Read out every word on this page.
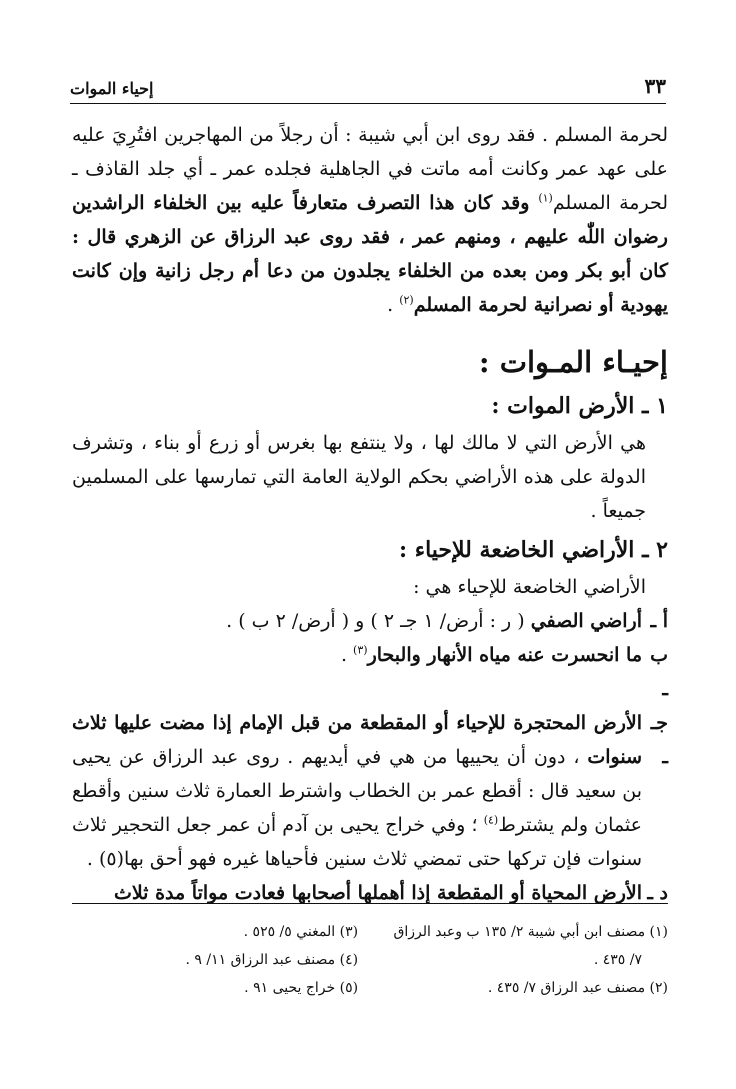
٣٣
إحياء الموات

لحرمة المسلم . فقد روى ابن أبي شيبة : أن رجلاً من المهاجرين افتُرِيَ عليه على عهد عمر وكانت أمه ماتت في الجاهلية فجلده عمر ـ أي جلد القاذف ـ لحرمة المسلم$^{(١)}$ وقد كان هذا التصرف متعارفاً عليه بين الخلفاء الراشدين رضوان اللّٰه عليهم ، ومنهم عمر ، فقد روى عبد الرزاق عن الزهري قال : كان أبو بكر ومن بعده من الخلفاء يجلدون من دعا أم رجل زانية وإن كانت يهودية أو نصرانية لحرمة المسلم$^{(٢)}$ .

إحيـاء المـوات :
١ ـ الأرض الموات :

هي الأرض التي لا مالك لها ، ولا ينتفع بها بغرس أو زرع أو بناء ، وتشرف الدولة على هذه الأراضي بحكم الولاية العامة التي تمارسها على المسلمين جميعاً .

٢ ـ الأراضي الخاضعة للإحياء :

الأراضي الخاضعة للإحياء هي :

أ ـ
أراضي الصفي ( ر : أرض/ ١ جـ ٢ ) و ( أرض/ ٢ ب ) .
ب ـ
ما انحسرت عنه مياه الأنهار والبحار$^{(٣)}$ .
جـ ـ
الأرض المحتجرة للإحياء أو المقطعة من قبل الإمام إذا مضت عليها ثلاث سنوات ، دون أن يحييها من هي في أيديهم . روى عبد الرزاق عن يحيى بن سعيد قال : أقطع عمر بن الخطاب واشترط العمارة ثلاث سنين وأقطع عثمان ولم يشترط$^{(٤)}$ ؛ وفي خراج يحيى بن آدم أن عمر جعل التحجير ثلاث سنوات فإن تركها حتى تمضي ثلاث سنين فأحياها غيره فهو أحق بها(٥) .
د ـ
الأرض المحياة أو المقطعة إذا أهملها أصحابها فعادت مواتاً مدة ثلاث
(١) مصنف ابن أبي شيبة ٢/ ١٣٥ ب وعبد الرزاق
٧/ ٤٣٥ .
(٢) مصنف عبد الرزاق ٧/ ٤٣٥ .
(٣) المغني ٥/ ٥٢٥ .
(٤) مصنف عبد الرزاق ١١/ ٩ .
(٥) خراج يحيى ٩١ .
